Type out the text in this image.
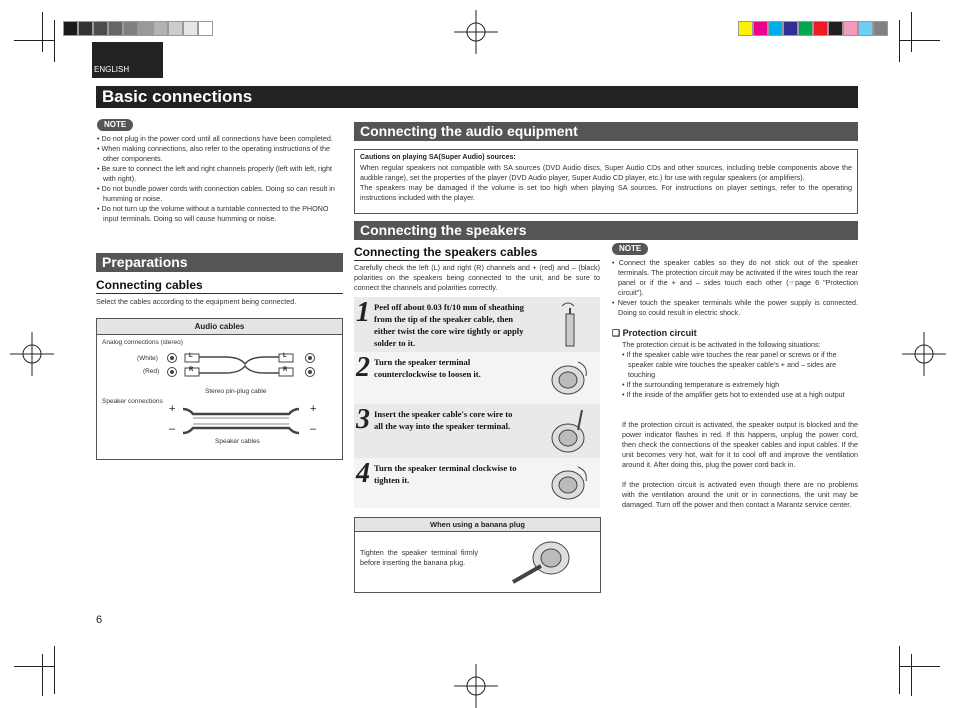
ENGLISH
Basic connections
NOTE
• Do not plug in the power cord until all connections have been completed.
• When making connections, also refer to the operating instructions of the other components.
• Be sure to connect the left and right channels properly (left with left, right with right).
• Do not bundle power cords with connection cables. Doing so can result in humming or noise.
• Do not turn up the volume without a turntable connected to the PHONO input terminals. Doing so will cause humming or noise.
Preparations
Connecting cables
Select the cables according to the equipment being connected.
Audio cables
Analog connections (stereo)
(White)
(Red)
L
R
L
R
Stereo pin-plug cable
Speaker connections
+
–
+
–
Speaker cables
6
Connecting the audio equipment
Cautions on playing SA(Super Audio) sources:
When regular speakers not compatible with SA sources (DVD Audio discs, Super Audio CDs and other sources, including treble components above the audible range), set the properties of the player (DVD Audio player, Super Audio CD player, etc.) for use with regular speakers (or amplifiers).
The speakers may be damaged if the volume is set too high when playing SA sources. For instructions on player settings, refer to the operating instructions included with the player.
Connecting the speakers
Connecting the speakers cables
Carefully check the left (L) and right (R) channels and + (red) and – (black) polarities on the speakers being connected to the unit, and be sure to connect the channels and polarities correctly.
1 Peel off about 0.03 ft/10 mm of sheathing from the tip of the speaker cable, then either twist the core wire tightly or apply solder to it.
2 Turn the speaker terminal counterclockwise to loosen it.
3 Insert the speaker cable's core wire to all the way into the speaker terminal.
4 Turn the speaker terminal clockwise to tighten it.
When using a banana plug
Tighten the speaker terminal firmly before inserting the banana plug.
NOTE
• Connect the speaker cables so they do not stick out of the speaker terminals. The protection circuit may be activated if the wires touch the rear panel or if the + and – sides touch each other (☞page 6 "Protection circuit").
• Never touch the speaker terminals while the power supply is connected. Doing so could result in electric shock.
❑ Protection circuit
The protection circuit is be activated in the following situations:
• If the speaker cable wire touches the rear panel or screws or if the speaker cable wire touches the speaker cable's + and – sides are touching
• If the surrounding temperature is extremely high
• If the inside of the amplifier gets hot to extended use at a high output
If the protection circuit is activated, the speaker output is blocked and the power indicator flashes in red. If this happens, unplug the power cord, then check the connections of the speaker cables and input cables. If the unit becomes very hot, wait for it to cool off and improve the ventilation around it. After doing this, plug the power cord back in.
If the protection circuit is activated even though there are no problems with the ventilation around the unit or in connections, the unit may be damaged. Turn off the power and then contact a Marantz service center.
